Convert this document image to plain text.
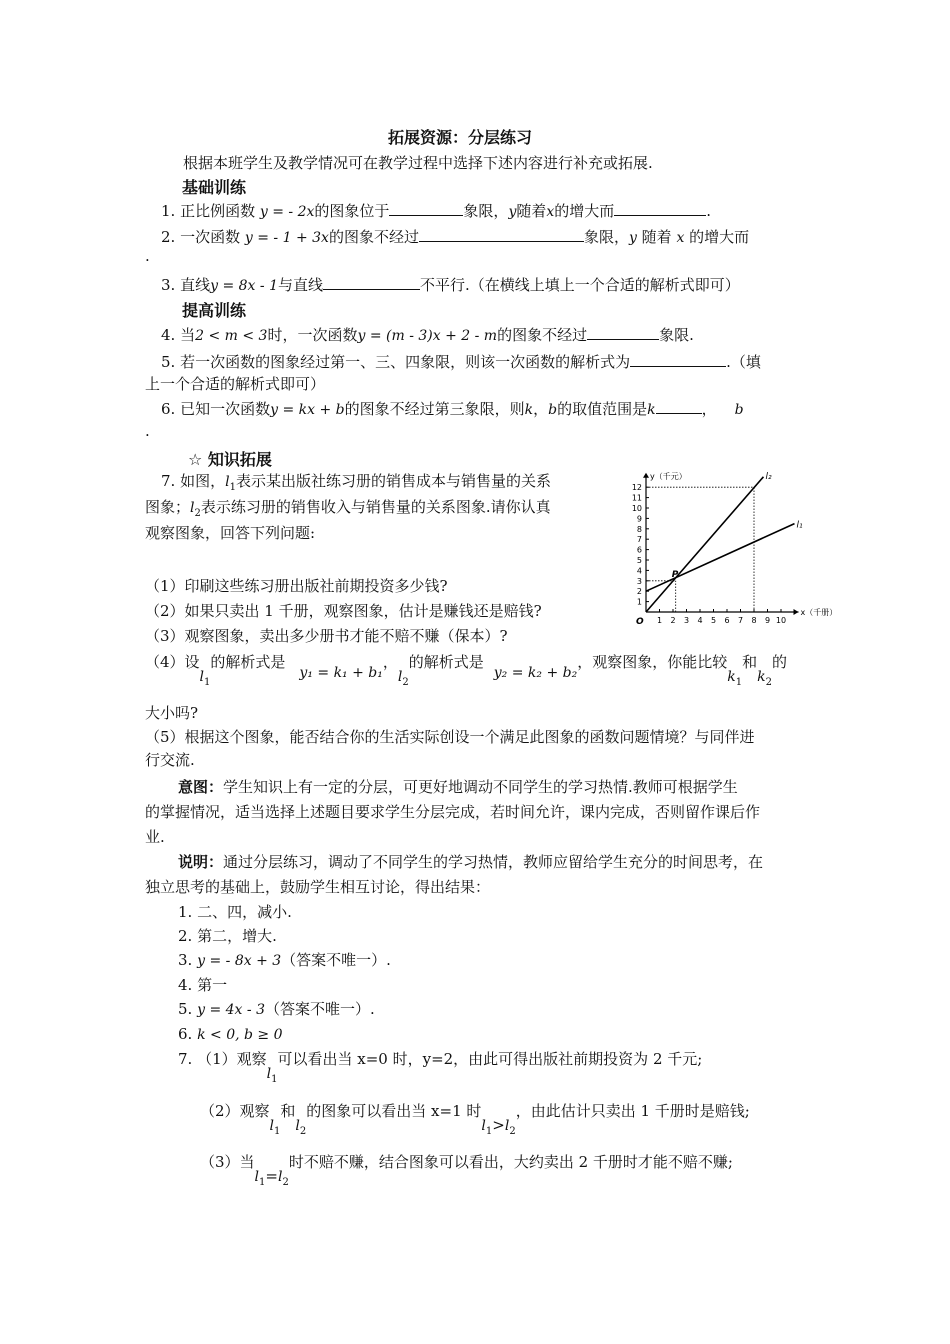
拓展资源：分层练习
根据本班学生及教学情况可在教学过程中选择下述内容进行补充或拓展.
基础训练
1. 正比例函数 y = - 2x的图象位于	象限，y随着x的增大而	.
2. 一次函数 y = - 1 + 3x的图象不经过	象限，y 随着 x 的增大而
.
3. 直线y = 8x - 1与直线	不平行.（在横线上填上一个合适的解析式即可）
提高训练
4. 当2 < m < 3时，一次函数y = (m - 3)x + 2 - m的图象不经过	象限.
5. 若一次函数的图象经过第一、三、四象限，则该一次函数的解析式为	.（填
上一个合适的解析式即可）
6. 已知一次函数y = kx + b的图象不经过第三象限，则k，b的取值范围是k	， b
.
☆ 知识拓展
7. 如图，$l_1$表示某出版社练习册的销售成本与销售量的关系
图象；$l_2$表示练习册的销售收入与销售量的关系图象.请你认真
观察图象，回答下列问题:
（1）印刷这些练习册出版社前期投资多少钱?
（2）如果只卖出 1 千册，观察图象，估计是赚钱还是赔钱?
（3）观察图象，卖出多少册书才能不赔不赚（保本）?
（4）设$l_1$的解析式是y₁ = k₁ + b₁，$l_2$的解析式是y₂ = k₂ + b₂，观察图象，你能比较$k_1$和$k_2$的
大小吗?
（5）根据这个图象，能否结合你的生活实际创设一个满足此图象的函数问题情境？与同伴进
行交流.
1 2 3 4 5 6 7 8 9 10
1
2
3
4
5
6
7
8
9
10
11
12
O
y（千元）
x（千册）
l₁
l₂
P
意图：学生知识上有一定的分层，可更好地调动不同学生的学习热情.教师可根据学生
的掌握情况，适当选择上述题目要求学生分层完成，若时间允许，课内完成，否则留作课后作
业.
说明：通过分层练习，调动了不同学生的学习热情，教师应留给学生充分的时间思考，在
独立思考的基础上，鼓励学生相互讨论，得出结果：
1. 二、四，减小.
2. 第二，增大.
3. y = - 8x + 3（答案不唯一）.
4. 第一
5. y = 4x - 3（答案不唯一）.
6. k < 0, b ≥ 0
7. （1）观察$l_1$可以看出当 x=0 时，y=2，由此可得出版社前期投资为 2 千元;
（2）观察$l_1$和$l_2$的图象可以看出当 x=1 时$l_1>l_2$，由此估计只卖出 1 千册时是赔钱;
（3）当$l_1=l_2$时不赔不赚，结合图象可以看出，大约卖出 2 千册时才能不赔不赚;
